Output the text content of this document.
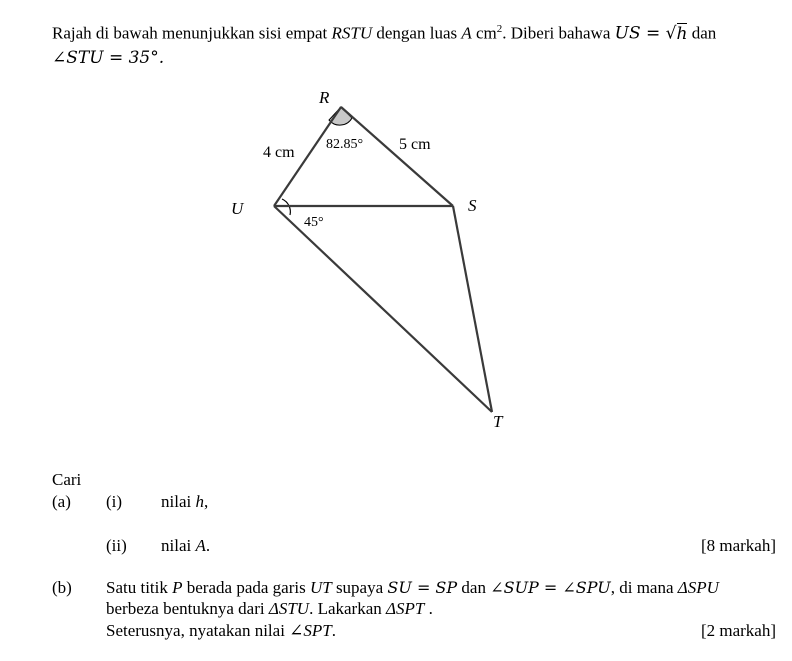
Rajah di bawah menunjukkan sisi empat RSTU dengan luas A $cm^2$. Diberi bahawa US = √h dan
∠STU = 35°.
R
U	S
T
4 cm	5 cm
82.85°
45°
Cari
(a) (i) nilai h,
(ii) nilai A.	[8 markah]
(b) Satu titik P berada pada garis UT supaya SU = SP dan ∠SUP = ∠SPU, di mana ΔSPU
berbeza bentuknya dari ΔSTU. Lakarkan ΔSPT .
Seterusnya, nyatakan nilai ∠SPT.	[2 markah]
